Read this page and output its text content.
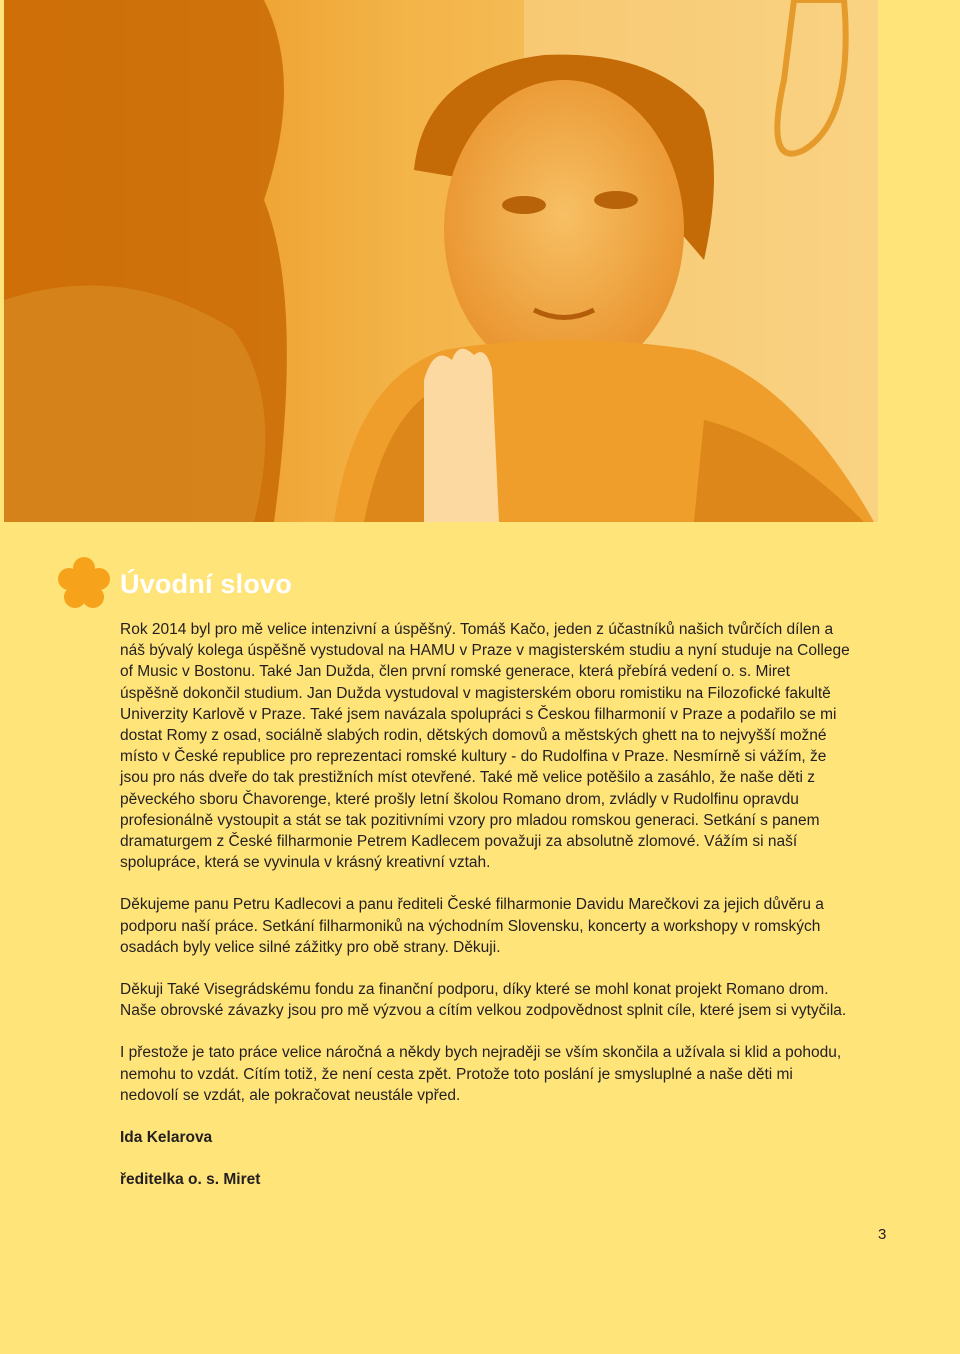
Úvodní slovo

Rok 2014 byl pro mě velice intenzivní a úspěšný. Tomáš Kačo, jeden z účastníků našich tvůrčích dílen a náš bývalý kolega úspěšně vystudoval na HAMU v Praze v magisterském studiu a nyní studuje na College of Music v Bostonu. Také Jan Dužda, člen první romské generace, která přebírá vedení o. s. Miret úspěšně dokončil studium. Jan Dužda vystudoval v magisterském oboru romistiku na Filozofické fakultě Univerzity Karlově v Praze. Také jsem navázala spolupráci s Českou filharmonií v Praze a podařilo se mi dostat Romy z osad, sociálně slabých rodin, dětských domovů a městských ghett na to nejvyšší možné místo v České republice pro reprezentaci romské kultury - do Rudolfina v Praze. Nesmírně si vážím, že jsou pro nás dveře do tak prestižních míst otevřené. Také mě velice potěšilo a zasáhlo, že naše děti z pěveckého sboru Čhavorenge, které prošly letní školou Romano drom, zvládly v Rudolfinu opravdu profesionálně vystoupit a stát se tak pozitivními vzory pro mladou romskou generaci. Setkání s panem dramaturgem z České filharmonie Petrem Kadlecem považuji za absolutně zlomové. Vážím si naší spolupráce, která se vyvinula v krásný kreativní vztah.

Děkujeme panu Petru Kadlecovi a panu řediteli České filharmonie Davidu Marečkovi za jejich důvěru a podporu naší práce. Setkání filharmoniků na východním Slovensku, koncerty a workshopy v romských osadách byly velice silné zážitky pro obě strany. Děkuji.

Děkuji Také Visegrádskému fondu za finanční podporu, díky které se mohl konat projekt Romano drom. Naše obrovské závazky jsou pro mě výzvou a cítím velkou zodpovědnost splnit cíle, které jsem si vytyčila.

I přestože je tato práce velice náročná a někdy bych nejraději se vším skončila a užívala si klid a pohodu, nemohu to vzdát. Cítím totiž, že není cesta zpět. Protože toto poslání je smysluplné a naše děti mi nedovolí se vzdát, ale pokračovat neustále vpřed.

Ida Kelarova

ředitelka o. s. Miret

3
